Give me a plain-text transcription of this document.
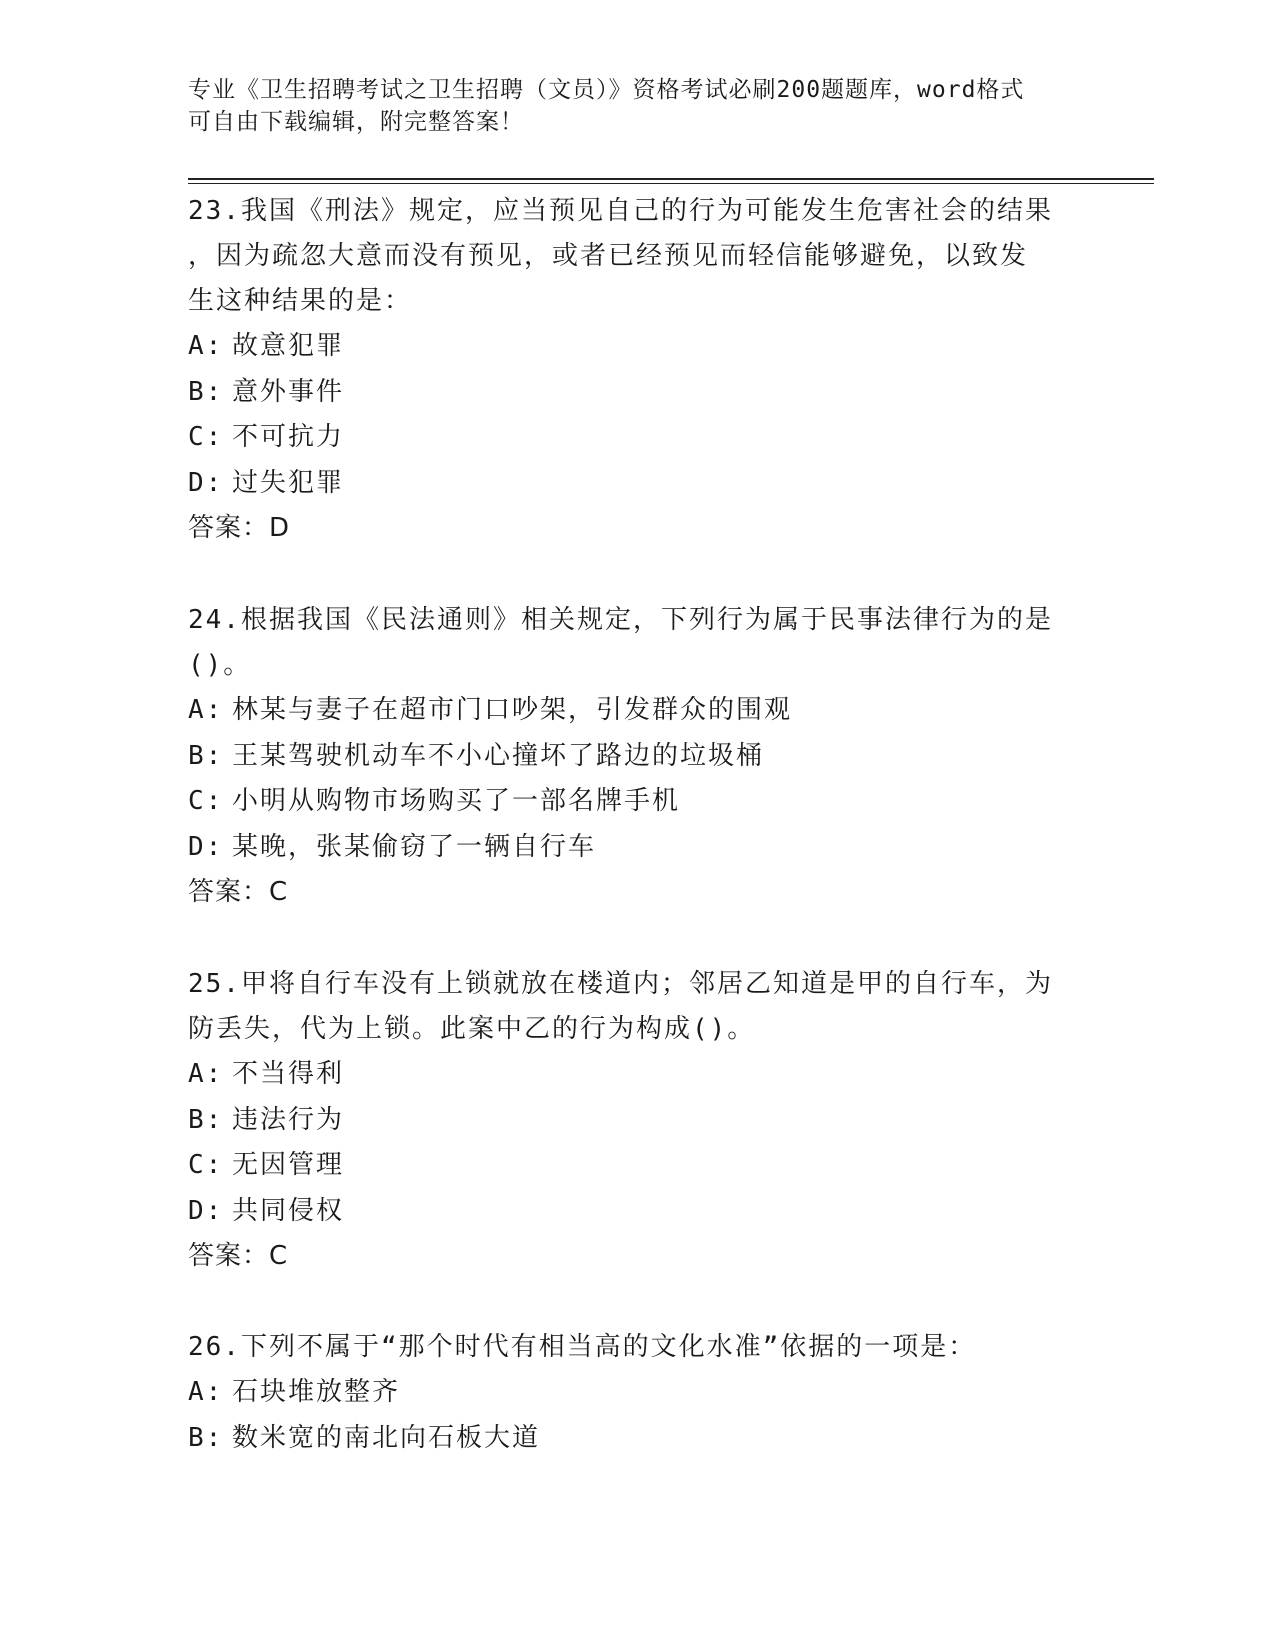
专业《卫生招聘考试之卫生招聘（文员）》资格考试必刷200题题库，word格式
可自由下载编辑，附完整答案！
23.我国《刑法》规定，应当预见自己的行为可能发生危害社会的结果
，因为疏忽大意而没有预见，或者已经预见而轻信能够避免，以致发
生这种结果的是：
A: 故意犯罪
B: 意外事件
C: 不可抗力
D: 过失犯罪
答案：D
24.根据我国《民法通则》相关规定，下列行为属于民事法律行为的是
()。
A: 林某与妻子在超市门口吵架，引发群众的围观
B: 王某驾驶机动车不小心撞坏了路边的垃圾桶
C: 小明从购物市场购买了一部名牌手机
D: 某晚，张某偷窃了一辆自行车
答案：C
25.甲将自行车没有上锁就放在楼道内；邻居乙知道是甲的自行车，为
防丢失，代为上锁。此案中乙的行为构成()。
A: 不当得利
B: 违法行为
C: 无因管理
D: 共同侵权
答案：C
26.下列不属于“那个时代有相当高的文化水准”依据的一项是：
A: 石块堆放整齐
B: 数米宽的南北向石板大道
